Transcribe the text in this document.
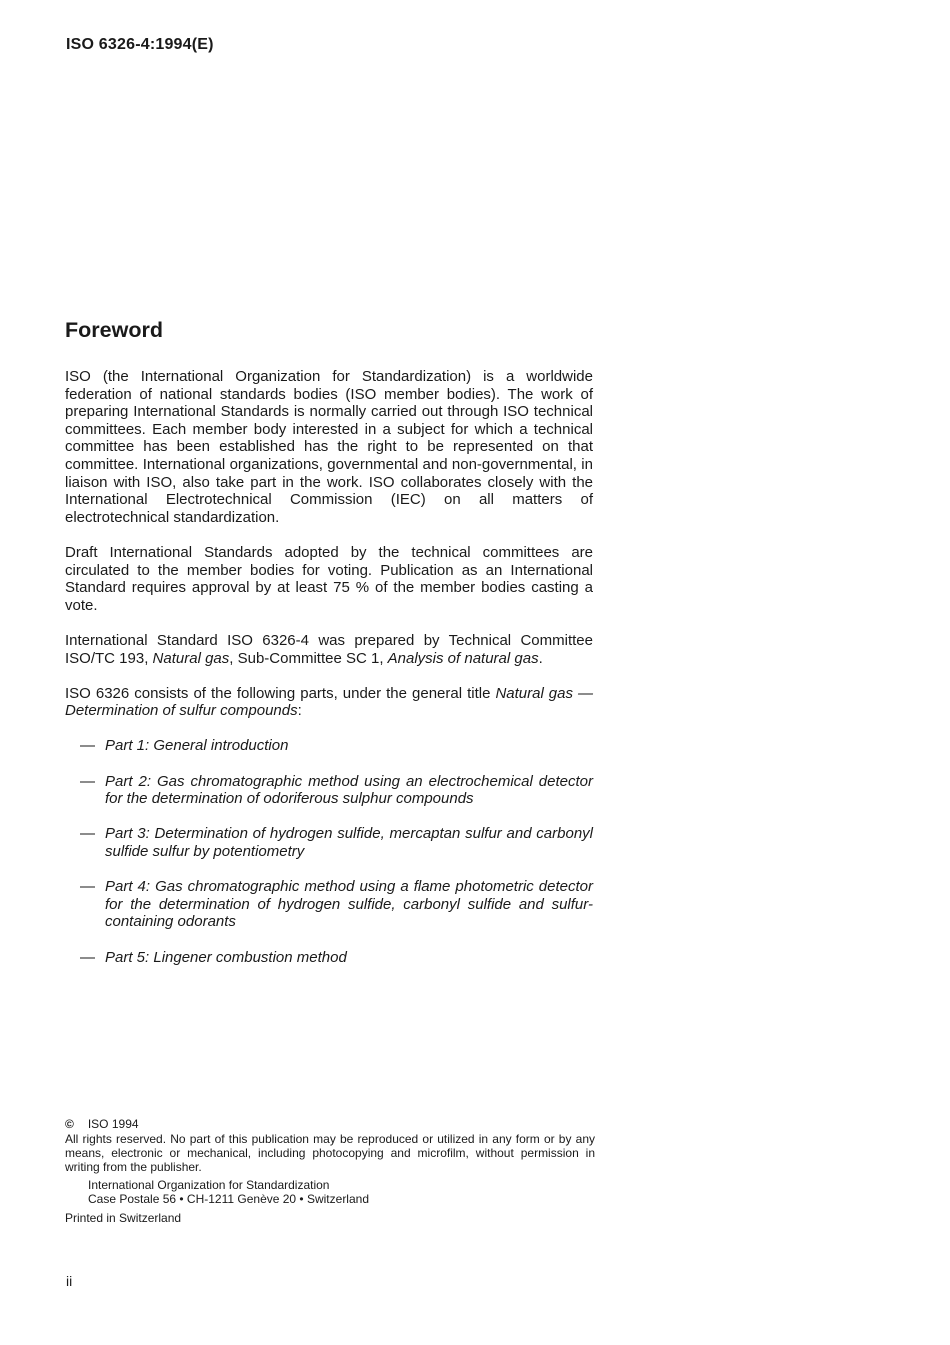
ISO 6326-4:1994(E)
Foreword

ISO (the International Organization for Standardization) is a worldwide federation of national standards bodies (ISO member bodies). The work of preparing International Standards is normally carried out through ISO technical committees. Each member body interested in a subject for which a technical committee has been established has the right to be represented on that committee. International organizations, governmental and non-governmental, in liaison with ISO, also take part in the work. ISO collaborates closely with the International Electrotechnical Commission (IEC) on all matters of electrotechnical standardization.

Draft International Standards adopted by the technical committees are circulated to the member bodies for voting. Publication as an International Standard requires approval by at least 75 % of the member bodies casting a vote.

International Standard ISO 6326-4 was prepared by Technical Committee ISO/TC 193, Natural gas, Sub-Committee SC 1, Analysis of natural gas.

ISO 6326 consists of the following parts, under the general title Natural gas — Determination of sulfur compounds:

— Part 1: General introduction
— Part 2: Gas chromatographic method using an electrochemical detector for the determination of odoriferous sulphur compounds
— Part 3: Determination of hydrogen sulfide, mercaptan sulfur and carbonyl sulfide sulfur by potentiometry
— Part 4: Gas chromatographic method using a flame photometric detector for the determination of hydrogen sulfide, carbonyl sulfide and sulfur-containing odorants
— Part 5: Lingener combustion method
© ISO 1994
All rights reserved. No part of this publication may be reproduced or utilized in any form or by any means, electronic or mechanical, including photocopying and microfilm, without permission in writing from the publisher.
International Organization for Standardization
Case Postale 56 • CH-1211 Genève 20 • Switzerland
Printed in Switzerland
ii
